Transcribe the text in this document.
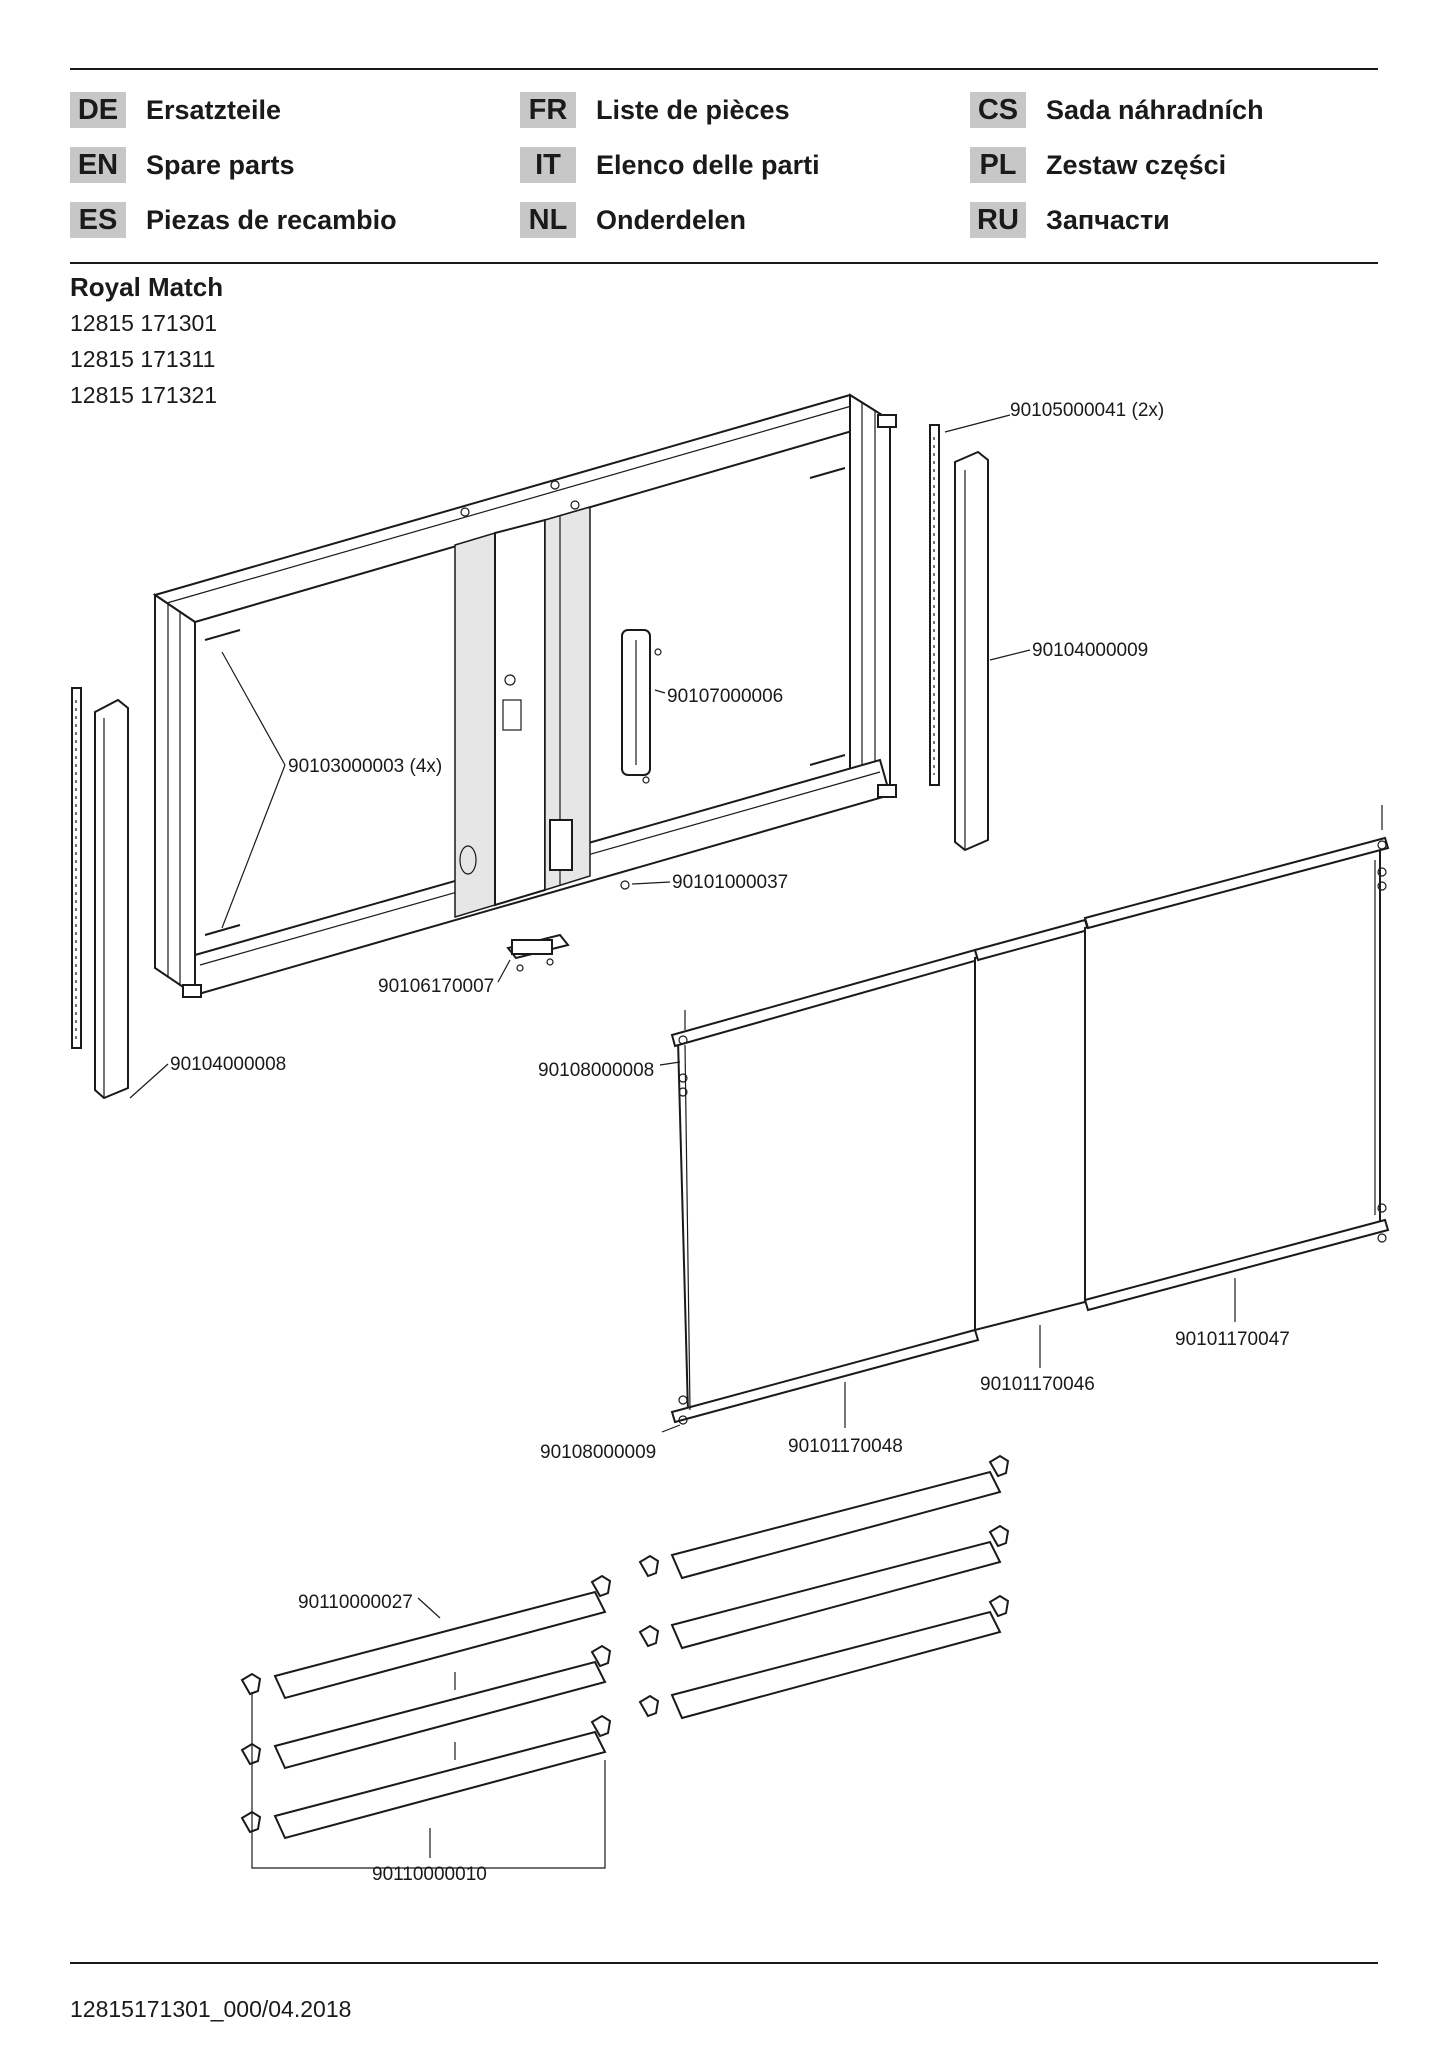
DE Ersatzteile
EN Spare parts
ES	Piezas de recambio
FR	Liste de pièces
IT	Elenco delle parti
NL	Onderdelen
CS Sada náhradních
PL	Zestaw części
RU Запчасти
Royal Match
12815 171301
12815 171311
12815 171321
90105000041 (2x)
90104000009
90107000006
90103000003 (4x)
90101000037
90106170007
90104000008	90108000008
90101170047
90101170046
90108000009	90101170048
90110000027
90110000010
12815171301_000/04.2018
